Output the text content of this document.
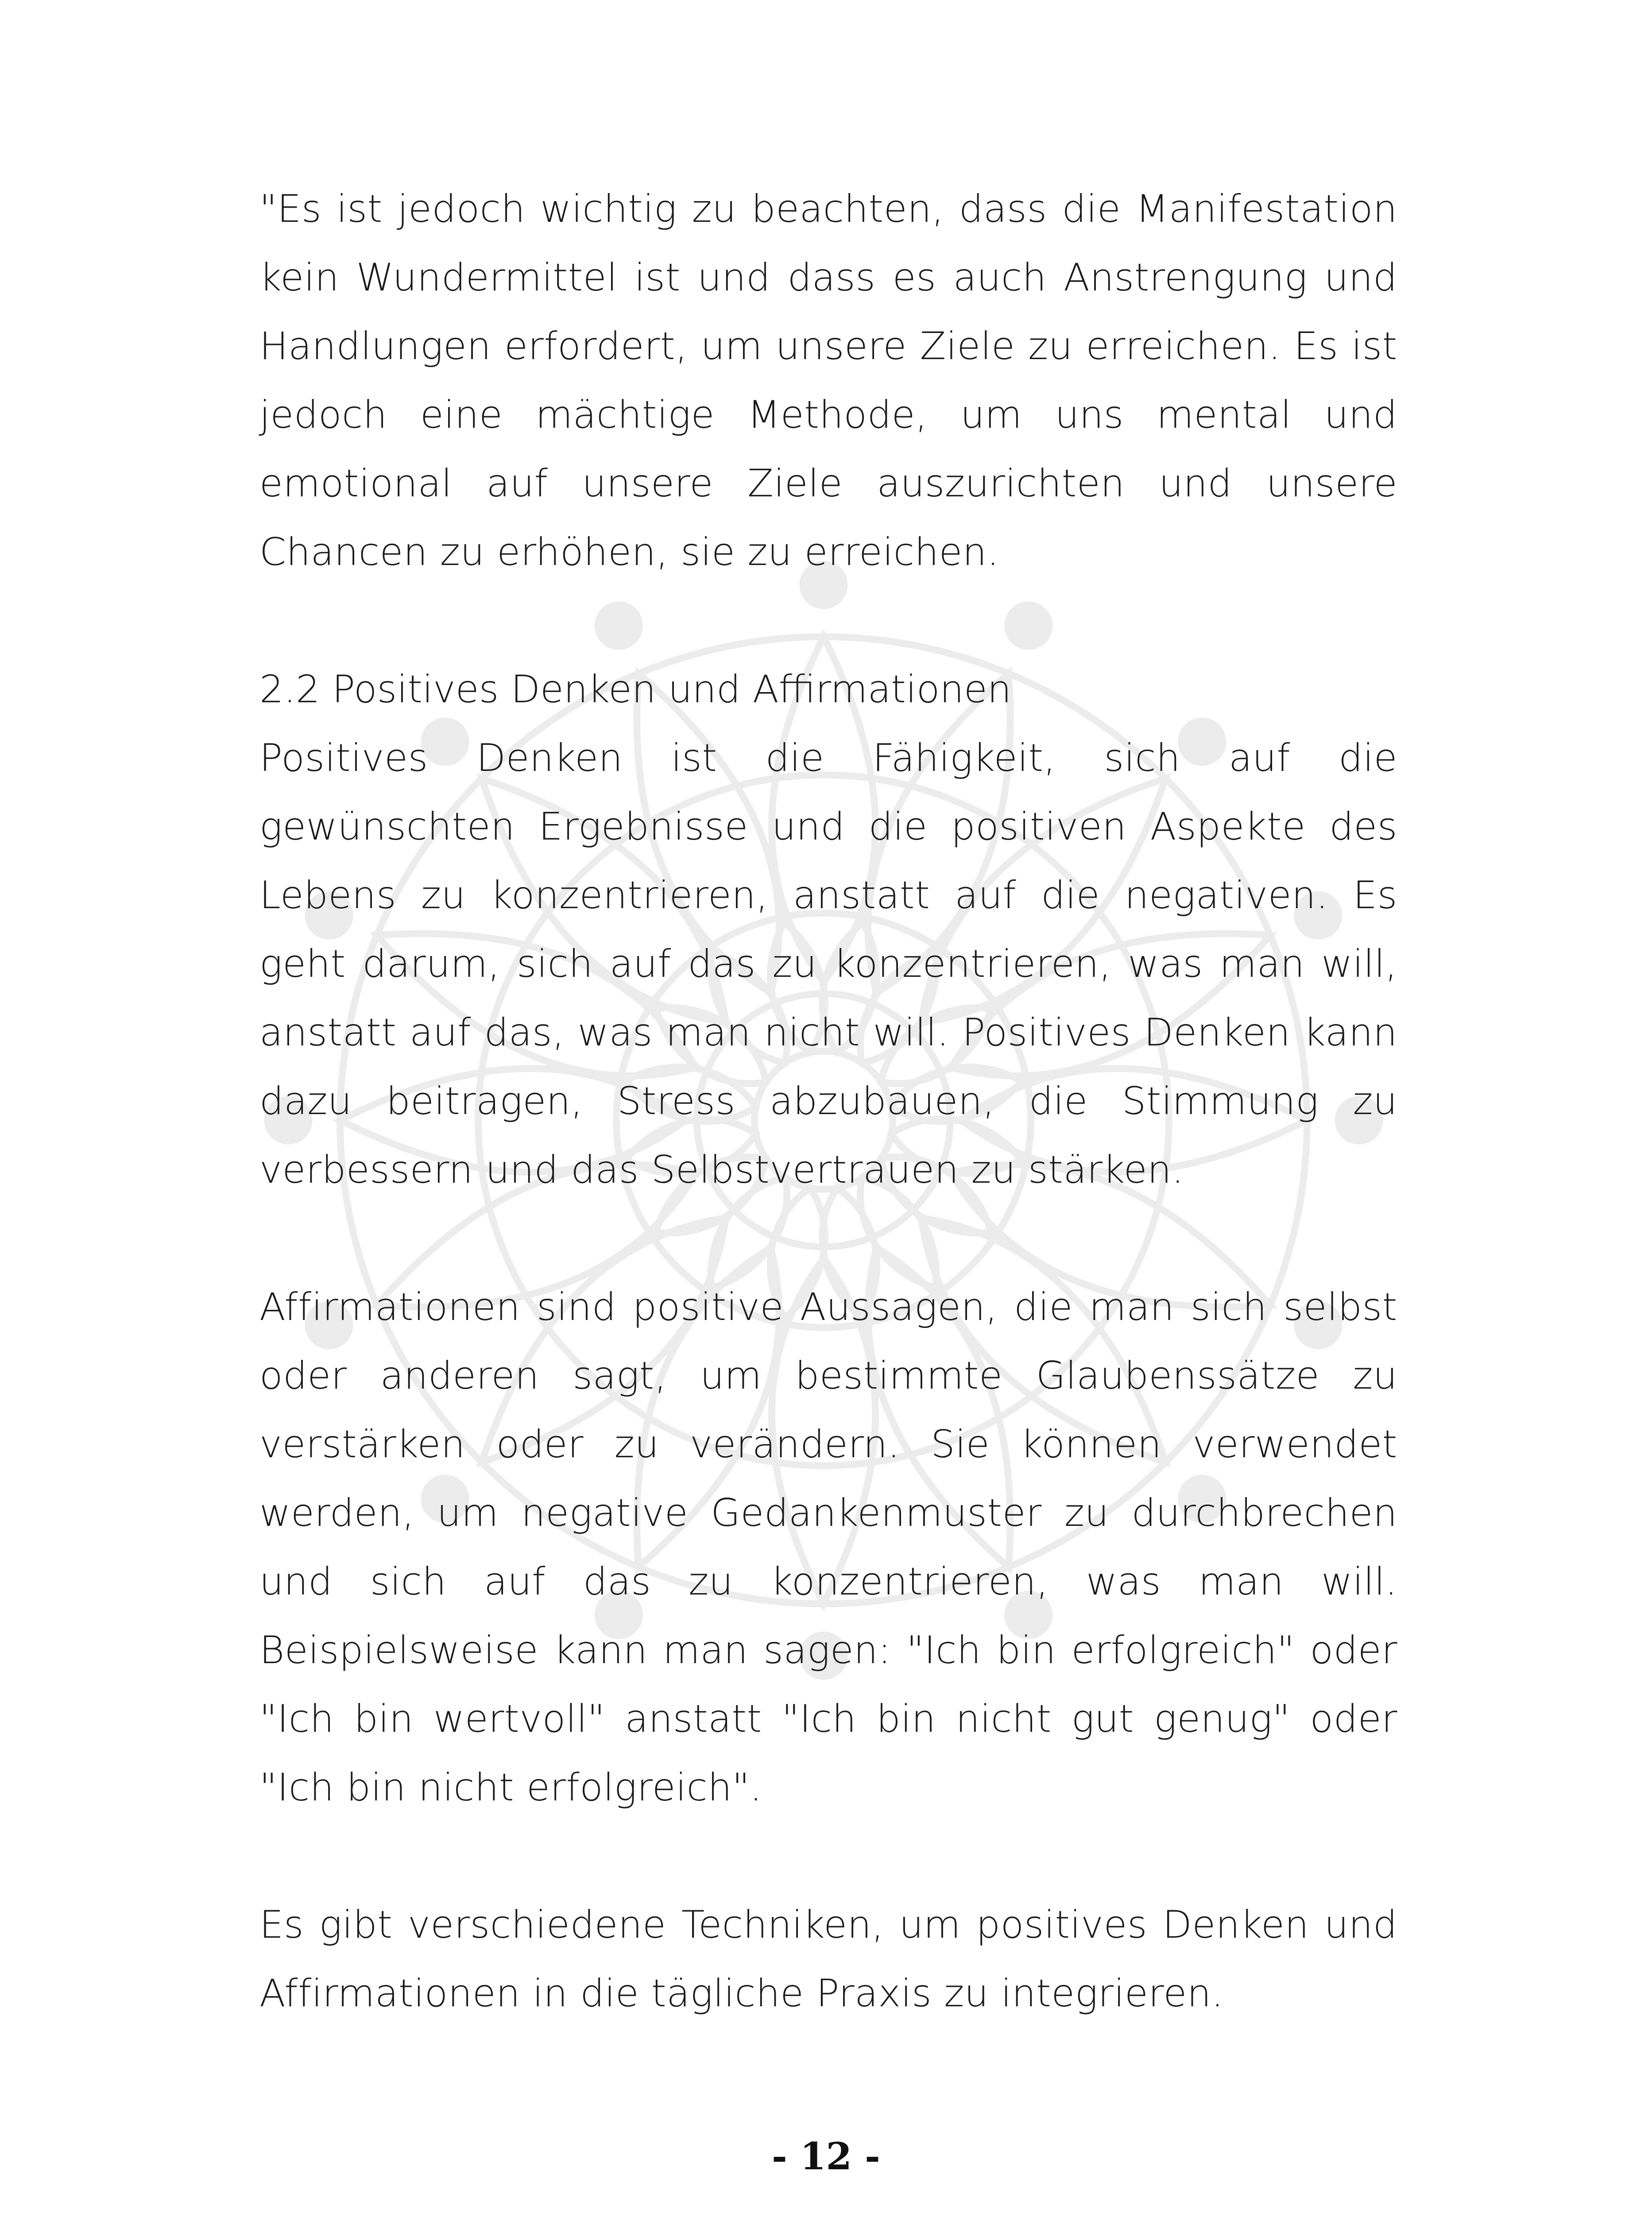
"Es ist jedoch wichtig zu beachten, dass die Manifestation kein Wundermittel ist und dass es auch Anstrengung und Handlungen erfordert, um unsere Ziele zu erreichen. Es ist jedoch eine mächtige Methode, um uns mental und emotional auf unsere Ziele auszurichten und unsere Chancen zu erhöhen, sie zu erreichen.

2.2 Positives Denken und Affirmationen

Positives Denken ist die Fähigkeit, sich auf die gewünschten Ergebnisse und die positiven Aspekte des Lebens zu konzentrieren, anstatt auf die negativen. Es geht darum, sich auf das zu konzentrieren, was man will, anstatt auf das, was man nicht will. Positives Denken kann dazu beitragen, Stress abzubauen, die Stimmung zu verbessern und das Selbstvertrauen zu stärken.

Affirmationen sind positive Aussagen, die man sich selbst oder anderen sagt, um bestimmte Glaubenssätze zu verstärken oder zu verändern. Sie können verwendet werden, um negative Gedankenmuster zu durchbrechen und sich auf das zu konzentrieren, was man will. Beispielsweise kann man sagen: "Ich bin erfolgreich" oder "Ich bin wertvoll" anstatt "Ich bin nicht gut genug" oder "Ich bin nicht erfolgreich".

Es gibt verschiedene Techniken, um positives Denken und Affirmationen in die tägliche Praxis zu integrieren.

- 12 -
